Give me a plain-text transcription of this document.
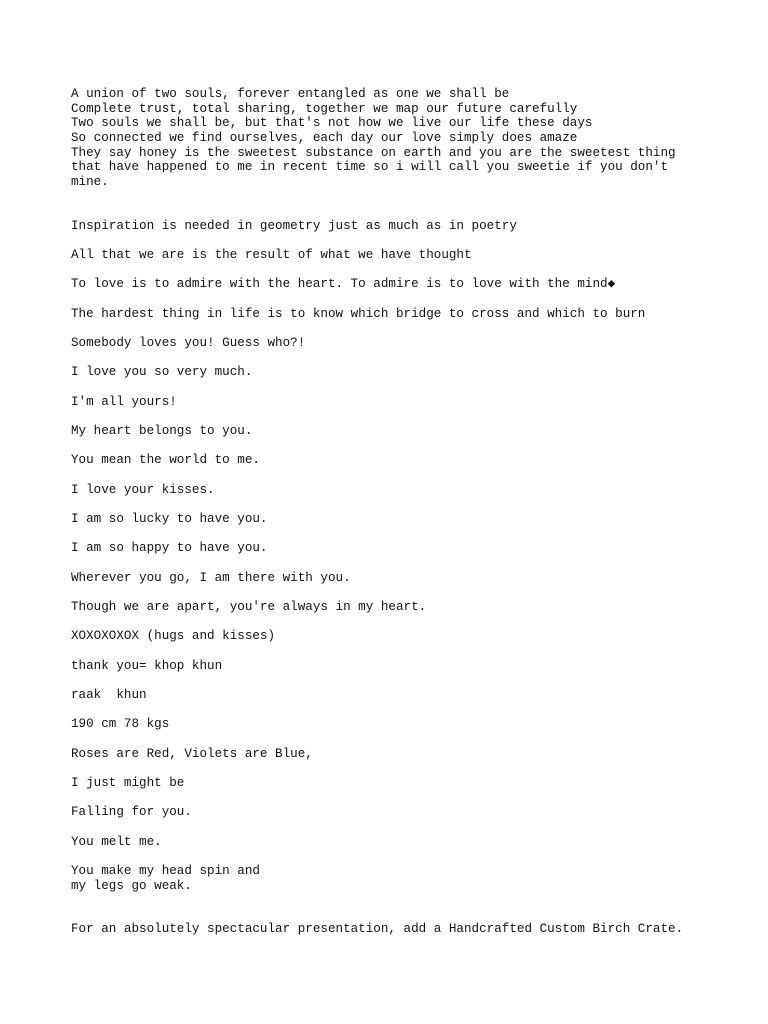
A union of two souls, forever entangled as one we shall be
Complete trust, total sharing, together we map our future carefully
Two souls we shall be, but that's not how we live our life these days
So connected we find ourselves, each day our love simply does amaze
They say honey is the sweetest substance on earth and you are the sweetest thing
that have happened to me in recent time so i will call you sweetie if you don't
mine.
Inspiration is needed in geometry just as much as in poetry
All that we are is the result of what we have thought
To love is to admire with the heart. To admire is to love with the mind◆
The hardest thing in life is to know which bridge to cross and which to burn
Somebody loves you! Guess who?!
I love you so very much.
I'm all yours!
My heart belongs to you.
You mean the world to me.
I love your kisses.
I am so lucky to have you.
I am so happy to have you.
Wherever you go, I am there with you.
Though we are apart, you're always in my heart.
XOXOXOXOX (hugs and kisses)
thank you= khop khun
raak  khun
190 cm 78 kgs
Roses are Red, Violets are Blue,
I just might be
Falling for you.
You melt me.
You make my head spin and
my legs go weak.
For an absolutely spectacular presentation, add a Handcrafted Custom Birch Crate.
